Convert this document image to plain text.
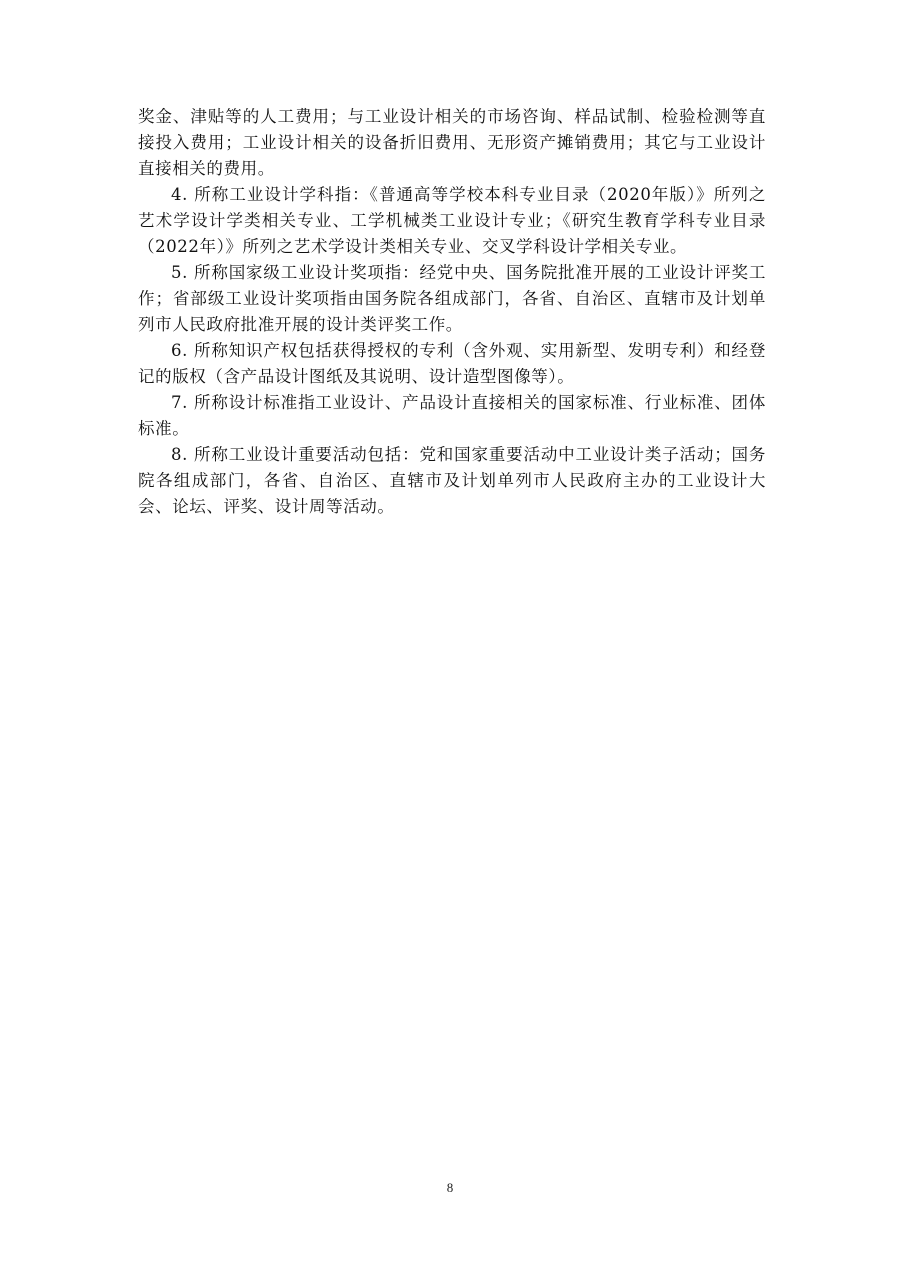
奖金、津贴等的人工费用；与工业设计相关的市场咨询、样品试制、检验检测等直接投入费用；工业设计相关的设备折旧费用、无形资产摊销费用；其它与工业设计直接相关的费用。

4. 所称工业设计学科指：《普通高等学校本科专业目录（2020年版）》所列之艺术学设计学类相关专业、工学机械类工业设计专业；《研究生教育学科专业目录（2022年）》所列之艺术学设计类相关专业、交叉学科设计学相关专业。

5. 所称国家级工业设计奖项指：经党中央、国务院批准开展的工业设计评奖工作；省部级工业设计奖项指由国务院各组成部门，各省、自治区、直辖市及计划单列市人民政府批准开展的设计类评奖工作。

6. 所称知识产权包括获得授权的专利（含外观、实用新型、发明专利）和经登记的版权（含产品设计图纸及其说明、设计造型图像等）。

7. 所称设计标准指工业设计、产品设计直接相关的国家标准、行业标准、团体标准。

8. 所称工业设计重要活动包括：党和国家重要活动中工业设计类子活动；国务院各组成部门，各省、自治区、直辖市及计划单列市人民政府主办的工业设计大会、论坛、评奖、设计周等活动。

8
